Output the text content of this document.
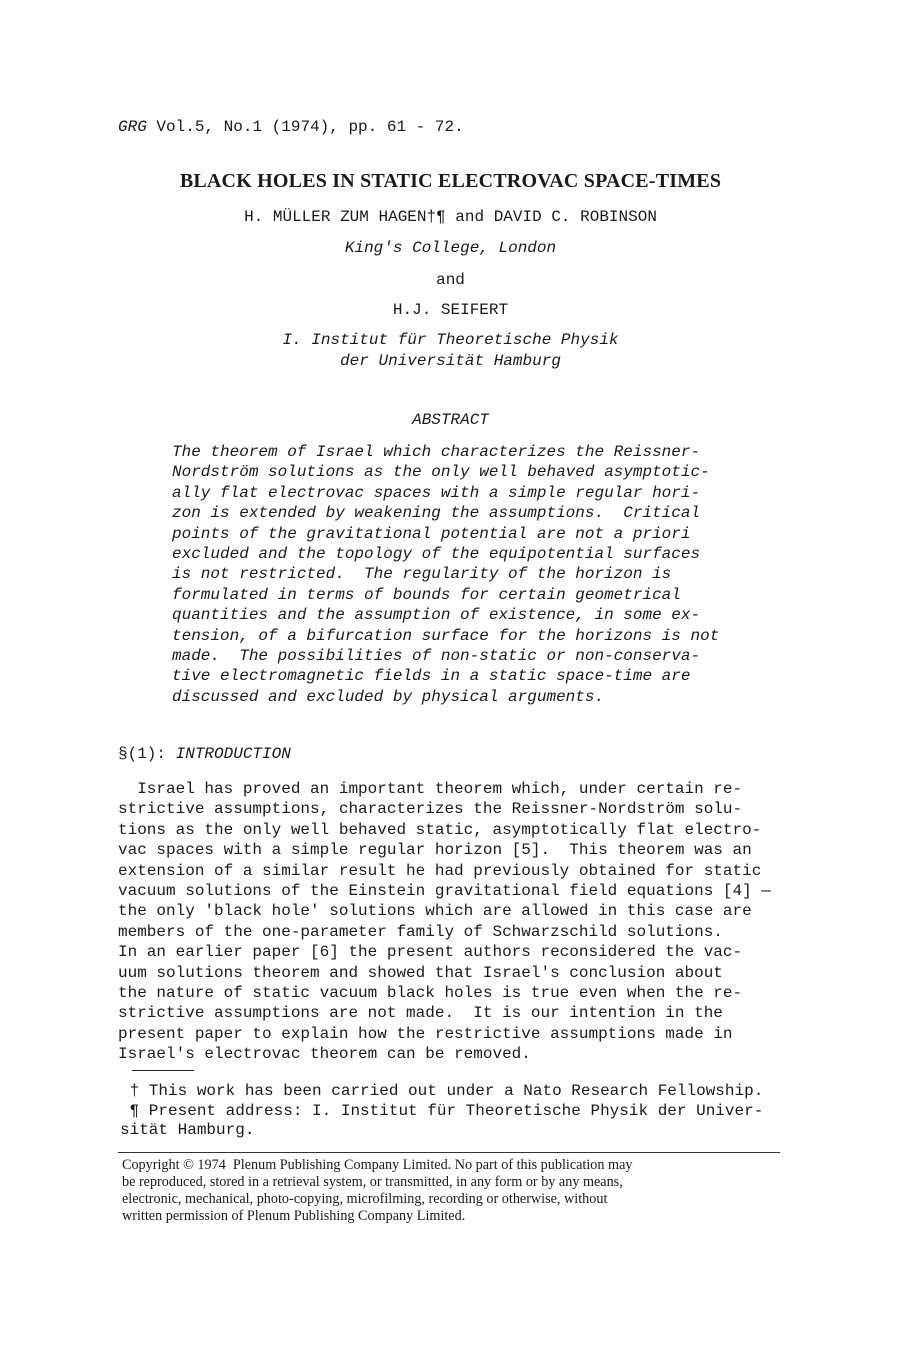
GRG Vol.5, No.1 (1974), pp. 61 - 72.
BLACK HOLES IN STATIC ELECTROVAC SPACE-TIMES
H. MÜLLER ZUM HAGEN†¶ and DAVID C. ROBINSON
King's College, London
and
H.J. SEIFERT
I. Institut für Theoretische Physik
der Universität Hamburg
ABSTRACT
The theorem of Israel which characterizes the Reissner-
Nordström solutions as the only well behaved asymptotic-
ally flat electrovac spaces with a simple regular hori-
zon is extended by weakening the assumptions.  Critical
points of the gravitational potential are not a priori
excluded and the topology of the equipotential surfaces
is not restricted.  The regularity of the horizon is
formulated in terms of bounds for certain geometrical
quantities and the assumption of existence, in some ex-
tension, of a bifurcation surface for the horizons is not
made.  The possibilities of non-static or non-conserva-
tive electromagnetic fields in a static space-time are
discussed and excluded by physical arguments.
§(1): INTRODUCTION
Israel has proved an important theorem which, under certain re-
strictive assumptions, characterizes the Reissner-Nordström solu-
tions as the only well behaved static, asymptotically flat electro-
vac spaces with a simple regular horizon [5].  This theorem was an
extension of a similar result he had previously obtained for static
vacuum solutions of the Einstein gravitational field equations [4] —
the only 'black hole' solutions which are allowed in this case are
members of the one-parameter family of Schwarzschild solutions.
In an earlier paper [6] the present authors reconsidered the vac-
uum solutions theorem and showed that Israel's conclusion about
the nature of static vacuum black holes is true even when the re-
strictive assumptions are not made.  It is our intention in the
present paper to explain how the restrictive assumptions made in
Israel's electrovac theorem can be removed.
† This work has been carried out under a Nato Research Fellowship.
¶ Present address: I. Institut für Theoretische Physik der Univer-
sität Hamburg.
Copyright © 1974  Plenum Publishing Company Limited. No part of this publication may
be reproduced, stored in a retrieval system, or transmitted, in any form or by any means,
electronic, mechanical, photo-copying, microfilming, recording or otherwise, without
written permission of Plenum Publishing Company Limited.
